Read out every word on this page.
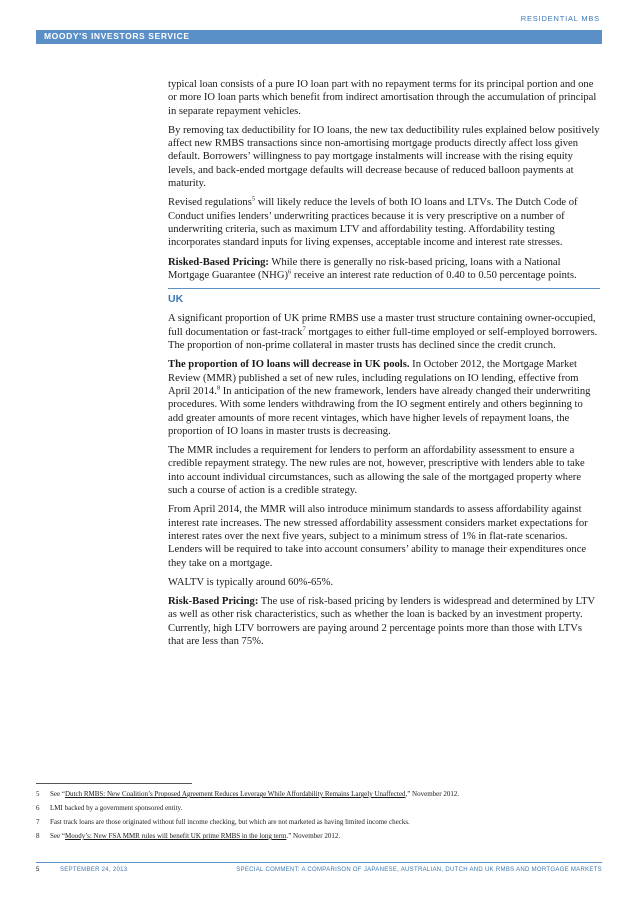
MOODY'S INVESTORS SERVICE
RESIDENTIAL MBS

typical loan consists of a pure IO loan part with no repayment terms for its principal portion and one or more IO loan parts which benefit from indirect amortisation through the accumulation of principal in separate repayment vehicles.

By removing tax deductibility for IO loans, the new tax deductibility rules explained below positively affect new RMBS transactions since non-amortising mortgage products directly affect loss given default. Borrowers’ willingness to pay mortgage instalments will increase with the rising equity levels, and back-ended mortgage defaults will decrease because of reduced balloon payments at maturity.

Revised regulations$^5$ will likely reduce the levels of both IO loans and LTVs. The Dutch Code of Conduct unifies lenders’ underwriting practices because it is very prescriptive on a number of underwriting criteria, such as maximum LTV and affordability testing. Affordability testing incorporates standard inputs for living expenses, acceptable income and interest rate stresses.

Risked-Based Pricing: While there is generally no risk-based pricing, loans with a National Mortgage Guarantee (NHG)$^6$ receive an interest rate reduction of 0.40 to 0.50 percentage points.

UK

A significant proportion of UK prime RMBS use a master trust structure containing owner-occupied, full documentation or fast-track$^7$ mortgages to either full-time employed or self-employed borrowers. The proportion of non-prime collateral in master trusts has declined since the credit crunch.

The proportion of IO loans will decrease in UK pools. In October 2012, the Mortgage Market Review (MMR) published a set of new rules, including regulations on IO lending, effective from April 2014.$^8$ In anticipation of the new framework, lenders have already changed their underwriting procedures. With some lenders withdrawing from the IO segment entirely and others beginning to add greater amounts of more recent vintages, which have higher levels of repayment loans, the proportion of IO loans in master trusts is decreasing.

The MMR includes a requirement for lenders to perform an affordability assessment to ensure a credible repayment strategy. The new rules are not, however, prescriptive with lenders able to take into account individual circumstances, such as allowing the sale of the mortgaged property where such a course of action is a credible strategy.

From April 2014, the MMR will also introduce minimum standards to assess affordability against interest rate increases. The new stressed affordability assessment considers market expectations for interest rates over the next five years, subject to a minimum stress of 1% in flat-rate scenarios. Lenders will be required to take into account consumers’ ability to manage their expenditures once they take on a mortgage.

WALTV is typically around 60%-65%.

Risk-Based Pricing: The use of risk-based pricing by lenders is widespread and determined by LTV as well as other risk characteristics, such as whether the loan is backed by an investment property. Currently, high LTV borrowers are paying around 2 percentage points more than those with LTVs that are less than 75%.

5	See “Dutch RMBS: New Coalition’s Proposed Agreement Reduces Leverage While Affordability Remains Largely Unaffected,” November 2012.
6	LMI backed by a government sponsored entity.
7	Fast track loans are those originated without full income checking, but which are not marketed as having limited income checks.
8	See “Moody’s: New FSA MMR rules will benefit UK prime RMBS in the long term.” November 2012.
5	SEPTEMBER 24, 2013	SPECIAL COMMENT: A COMPARISON OF JAPANESE, AUSTRALIAN, DUTCH AND UK RMBS AND MORTGAGE MARKETS
